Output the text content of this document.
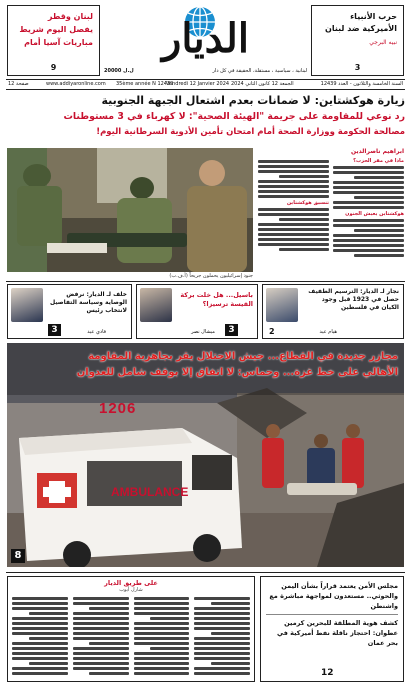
لبنان وقطر
يفصل اليوم شريط
مباريات آسيا أمام
9
حرب الأنبياء
الأميركية ضد لبنان
نبيه البرجي
3
الديار
20000 ل.ل	لبنانية ، سياسية ، مستقلة، الحقيقة في كل دار
12 صفحة	www.addiyaronline.com	Vendredi 12 Janvier 2024
35ème année N 12439	الجمعة 12 كانون الثاني 2024	السنة الخامسة والثلاثون - العدد 12439
زيارة هوكشتاين: لا ضمانات بعدم اشتعال الجبهة الجنوبية
رد نوعي للمقاومة على جريمة "الهيئة الصحية": لا كهرباء في 3 مستوطنات
مصالحة الحكومة ووزارة الصحة أمام امتحان تأمين الأدوية السرطانية اليوم!
جنود إسرائيليون يحملون جريحاً (أ.ف.ب)
ابراهيم ناصرالدين
ماذا في مقر الحزب؟
هوكشتاين يعيش الجنون
تنسيق هوكشتاين
نجار لـ الديار: الترسيم الطفيف حصل في 1923 قبل وجود الكيان في فلسطين
هيام عيد
2
باسيل... هل خلت بركة القيسة ترسيزا؟
ميشال نصر	3
خلف لـ الديار: نرفض الوصاية وسياسة التفاصيل لانتخاب رئيس
فادي عيد
3
1206
AMBULANCE
مجازر جديدة في القطاع... جيش الاحتلال يقر بجاهزية المقاومة
الأهالي على خط غزة... وحماس: لا اتفاق إلا بوقف شامل للعدوان
8
على طريق الديار
شارل أيوب	مجلس الأمن يعتمد قراراً بشأن اليمن والحوثي.. مستعدون لمواجهة مباشرة مع واشنطن
كشف هوية المطلقة للبحرين كرمين عطوان: احتجاز ناقلة نفط أميركية في بحر عمان
12
